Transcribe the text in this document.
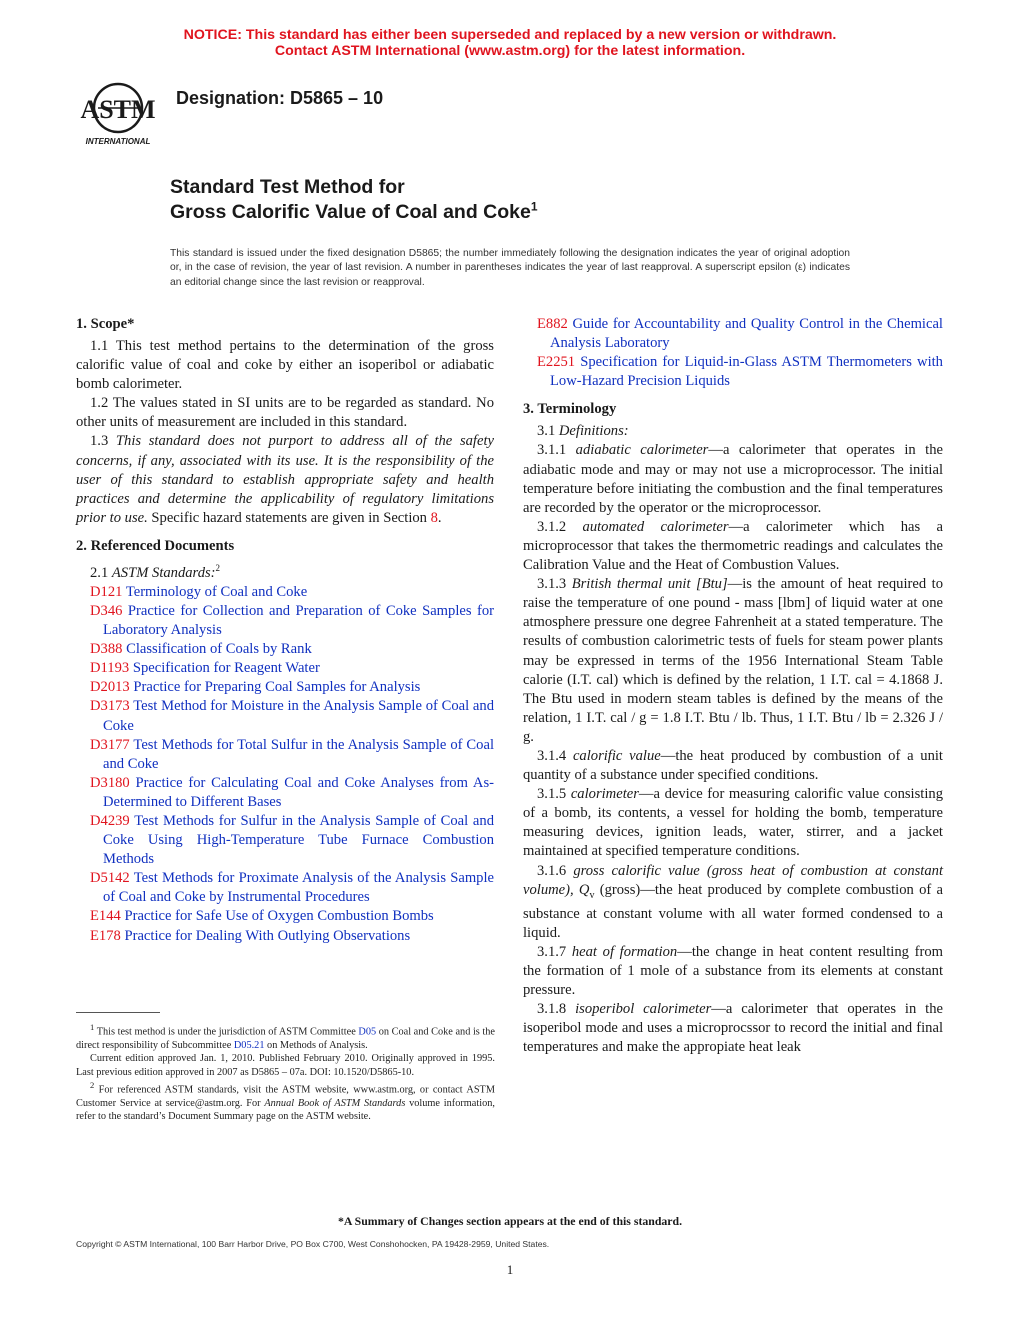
NOTICE: This standard has either been superseded and replaced by a new version or withdrawn.
Contact ASTM International (www.astm.org) for the latest information.
ASTM
INTERNATIONAL
Designation: D5865 – 10
Standard Test Method for
Gross Calorific Value of Coal and Coke$^1$
This standard is issued under the fixed designation D5865; the number immediately following the designation indicates the year of original adoption or, in the case of revision, the year of last revision. A number in parentheses indicates the year of last reapproval. A superscript epsilon (ε) indicates an editorial change since the last revision or reapproval.
1. Scope*

1.1 This test method pertains to the determination of the gross calorific value of coal and coke by either an isoperibol or adiabatic bomb calorimeter.

1.2 The values stated in SI units are to be regarded as standard. No other units of measurement are included in this standard.

1.3 This standard does not purport to address all of the safety concerns, if any, associated with its use. It is the responsibility of the user of this standard to establish appropriate safety and health practices and determine the applicability of regulatory limitations prior to use. Specific hazard statements are given in Section 8.

2. Referenced Documents

2.1 ASTM Standards:$^2$

D121 Terminology of Coal and Coke
D346 Practice for Collection and Preparation of Coke Samples for Laboratory Analysis
D388 Classification of Coals by Rank
D1193 Specification for Reagent Water
D2013 Practice for Preparing Coal Samples for Analysis
D3173 Test Method for Moisture in the Analysis Sample of Coal and Coke
D3177 Test Methods for Total Sulfur in the Analysis Sample of Coal and Coke
D3180 Practice for Calculating Coal and Coke Analyses from As-Determined to Different Bases
D4239 Test Methods for Sulfur in the Analysis Sample of Coal and Coke Using High-Temperature Tube Furnace Combustion Methods
D5142 Test Methods for Proximate Analysis of the Analysis Sample of Coal and Coke by Instrumental Procedures
E144 Practice for Safe Use of Oxygen Combustion Bombs
E178 Practice for Dealing With Outlying Observations
E882 Guide for Accountability and Quality Control in the Chemical Analysis Laboratory
E2251 Specification for Liquid-in-Glass ASTM Thermometers with Low-Hazard Precision Liquids
3. Terminology

3.1 Definitions:

3.1.1 adiabatic calorimeter—a calorimeter that operates in the adiabatic mode and may or may not use a microprocessor. The initial temperature before initiating the combustion and the final temperatures are recorded by the operator or the microprocessor.

3.1.2 automated calorimeter—a calorimeter which has a microprocessor that takes the thermometric readings and calculates the Calibration Value and the Heat of Combustion Values.

3.1.3 British thermal unit [Btu]—is the amount of heat required to raise the temperature of one pound - mass [lbm] of liquid water at one atmosphere pressure one degree Fahrenheit at a stated temperature. The results of combustion calorimetric tests of fuels for steam power plants may be expressed in terms of the 1956 International Steam Table calorie (I.T. cal) which is defined by the relation, 1 I.T. cal = 4.1868 J. The Btu used in modern steam tables is defined by the means of the relation, 1 I.T. cal / g = 1.8 I.T. Btu / lb. Thus, 1 I.T. Btu / lb = 2.326 J / g.

3.1.4 calorific value—the heat produced by combustion of a unit quantity of a substance under specified conditions.

3.1.5 calorimeter—a device for measuring calorific value consisting of a bomb, its contents, a vessel for holding the bomb, temperature measuring devices, ignition leads, water, stirrer, and a jacket maintained at specified temperature conditions.

3.1.6 gross calorific value (gross heat of combustion at constant volume), $Q_v$ (gross)—the heat produced by complete combustion of a substance at constant volume with all water formed condensed to a liquid.

3.1.7 heat of formation—the change in heat content resulting from the formation of 1 mole of a substance from its elements at constant pressure.

3.1.8 isoperibol calorimeter—a calorimeter that operates in the isoperibol mode and uses a microprocssor to record the initial and final temperatures and make the appropiate heat leak

$^1$ This test method is under the jurisdiction of ASTM Committee D05 on Coal and Coke and is the direct responsibility of Subcommittee D05.21 on Methods of Analysis.

Current edition approved Jan. 1, 2010. Published February 2010. Originally approved in 1995. Last previous edition approved in 2007 as D5865 – 07a. DOI: 10.1520/D5865-10.

$^2$ For referenced ASTM standards, visit the ASTM website, www.astm.org, or contact ASTM Customer Service at service@astm.org. For Annual Book of ASTM Standards volume information, refer to the standard’s Document Summary page on the ASTM website.

*A Summary of Changes section appears at the end of this standard.
Copyright © ASTM International, 100 Barr Harbor Drive, PO Box C700, West Conshohocken, PA 19428-2959, United States.
1
